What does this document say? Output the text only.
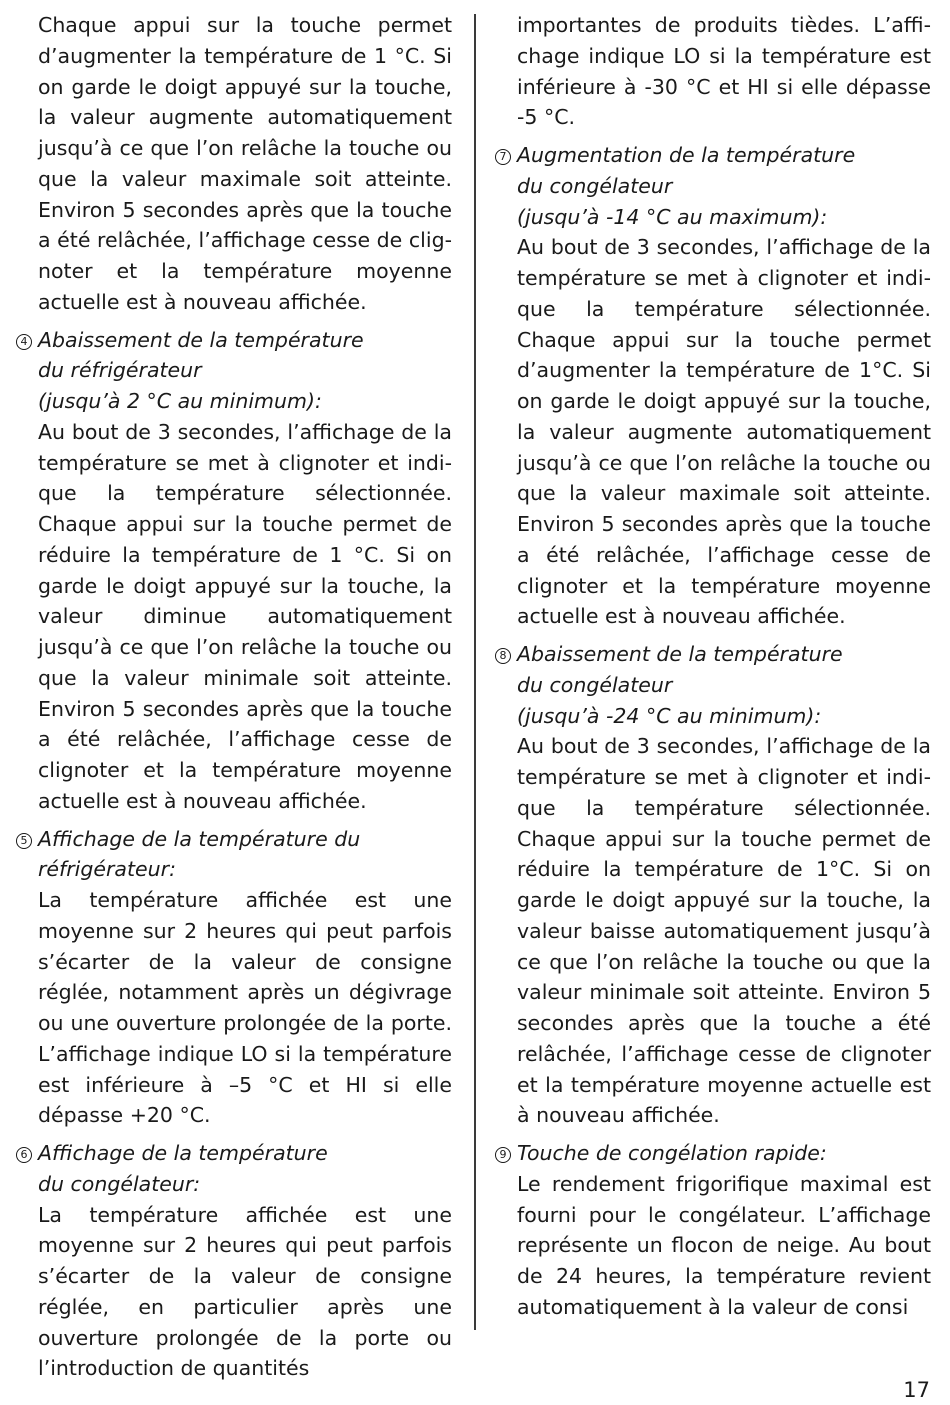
Chaque appui sur la touche permet d’augmenter la température de 1 °C. Si on garde le doigt appuyé sur la touche, la valeur augmente automatiquement jusqu’à ce que l’on relâche la touche ou que la valeur maximale soit atteinte. Environ 5 secondes après que la touche a été relâchée, l’affichage cesse de clignoter et la température moyenne actuelle est à nouveau affichée.

4 Abaissement de la température
du réfrigérateur
(jusqu’à 2 °C au minimum):

Au bout de 3 secondes, l’affichage de la température se met à clignoter et indique la température sélectionnée. Chaque appui sur la touche permet de réduire la température de 1 °C. Si on garde le doigt appuyé sur la touche, la valeur diminue automatiquement jusqu’à ce que l’on relâche la touche ou que la valeur minimale soit atteinte. Environ 5 secondes après que la touche a été relâchée, l’affichage cesse de clignoter et la température moyenne actuelle est à nouveau affichée.

5 Affichage de la température du
réfrigérateur:

La température affichée est une moyenne sur 2 heures qui peut parfois s’écarter de la valeur de consigne réglée, notamment après un dégivrage ou une ouverture prolongée de la porte. L’affichage indique LO si la température est inférieure à –5 °C et HI si elle dépasse +20 °C.

6 Affichage de la température
du congélateur:

La température affichée est une moyenne sur 2 heures qui peut parfois s’écarter de la valeur de consigne réglée, en particulier après une ouverture prolongée de la porte ou l’introduction de quantités

importantes de produits tièdes. L’affichage indique LO si la température est inférieure à -30 °C et HI si elle dépasse -5 °C.

7 Augmentation de la température
du congélateur
(jusqu’à -14 °C au maximum):

Au bout de 3 secondes, l’affichage de la température se met à clignoter et indique la température sélectionnée. Chaque appui sur la touche permet d’augmenter la température de 1°C. Si on garde le doigt appuyé sur la touche, la valeur augmente automatiquement jusqu’à ce que l’on relâche la touche ou que la valeur maximale soit atteinte. Environ 5 secondes après que la touche a été relâchée, l’affichage cesse de clignoter et la température moyenne actuelle est à nouveau affichée.

8 Abaissement de la température
du congélateur
(jusqu’à -24 °C au minimum):

Au bout de 3 secondes, l’affichage de la température se met à clignoter et indique la température sélectionnée. Chaque appui sur la touche permet de réduire la température de 1°C. Si on garde le doigt appuyé sur la touche, la valeur baisse automatiquement jusqu’à ce que l’on relâche la touche ou que la valeur minimale soit atteinte. Environ 5 secondes après que la touche a été relâchée, l’affichage cesse de clignoter et la température moyenne actuelle est à nouveau affichée.

9 Touche de congélation rapide:

Le rendement frigorifique maximal est fourni pour le congélateur. L’affichage représente un flocon de neige. Au bout de 24 heures, la température revient automatiquement à la valeur de consi

17
